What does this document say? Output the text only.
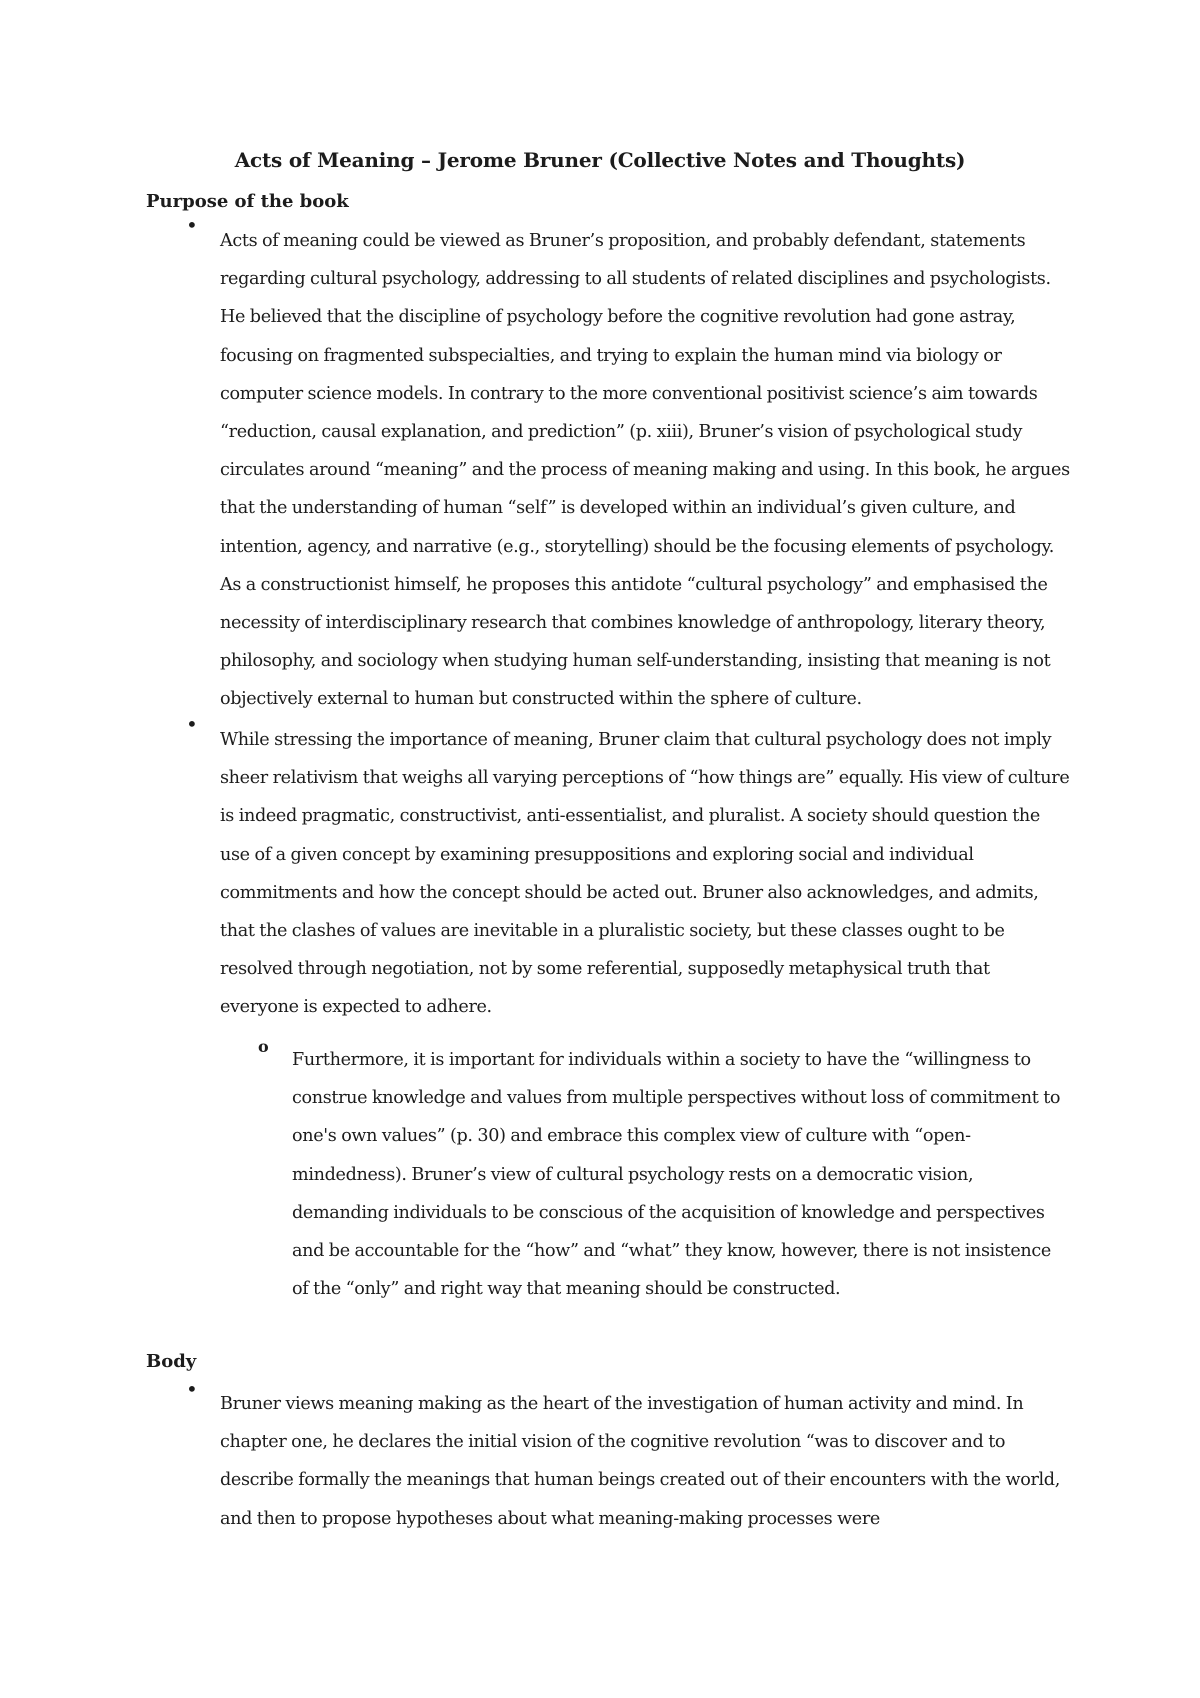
Acts of Meaning – Jerome Bruner (Collective Notes and Thoughts)
Purpose of the book
•

Acts of meaning could be viewed as Bruner’s proposition, and probably defendant, statements regarding cultural psychology, addressing to all students of related disciplines and psychologists. He believed that the discipline of psychology before the cognitive revolution had gone astray, focusing on fragmented subspecialties, and trying to explain the human mind via biology or computer science models. In contrary to the more conventional positivist science’s aim towards “reduction, causal explanation, and prediction” (p. xiii), Bruner’s vision of psychological study circulates around “meaning” and the process of meaning making and using. In this book, he argues that the understanding of human “self” is developed within an individual’s given culture, and intention, agency, and narrative (e.g., storytelling) should be the focusing elements of psychology. As a constructionist himself, he proposes this antidote “cultural psychology” and emphasised the necessity of interdisciplinary research that combines knowledge of anthropology, literary theory, philosophy, and sociology when studying human self-understanding, insisting that meaning is not objectively external to human but constructed within the sphere of culture.

•

While stressing the importance of meaning, Bruner claim that cultural psychology does not imply sheer relativism that weighs all varying perceptions of “how things are” equally. His view of culture is indeed pragmatic, constructivist, anti-essentialist, and pluralist. A society should question the use of a given concept by examining presuppositions and exploring social and individual commitments and how the concept should be acted out. Bruner also acknowledges, and admits, that the clashes of values are inevitable in a pluralistic society, but these classes ought to be resolved through negotiation, not by some referential, supposedly metaphysical truth that everyone is expected to adhere.

o

Furthermore, it is important for individuals within a society to have the “willingness to construe knowledge and values from multiple perspectives without loss of commitment to one's own values” (p. 30) and embrace this complex view of culture with “open-mindedness). Bruner’s view of cultural psychology rests on a democratic vision, demanding individuals to be conscious of the acquisition of knowledge and perspectives and be accountable for the “how” and “what” they know, however, there is not insistence of the “only” and right way that meaning should be constructed.

Body
•

Bruner views meaning making as the heart of the investigation of human activity and mind. In chapter one, he declares the initial vision of the cognitive revolution “was to discover and to describe formally the meanings that human beings created out of their encounters with the world, and then to propose hypotheses about what meaning-making processes were
